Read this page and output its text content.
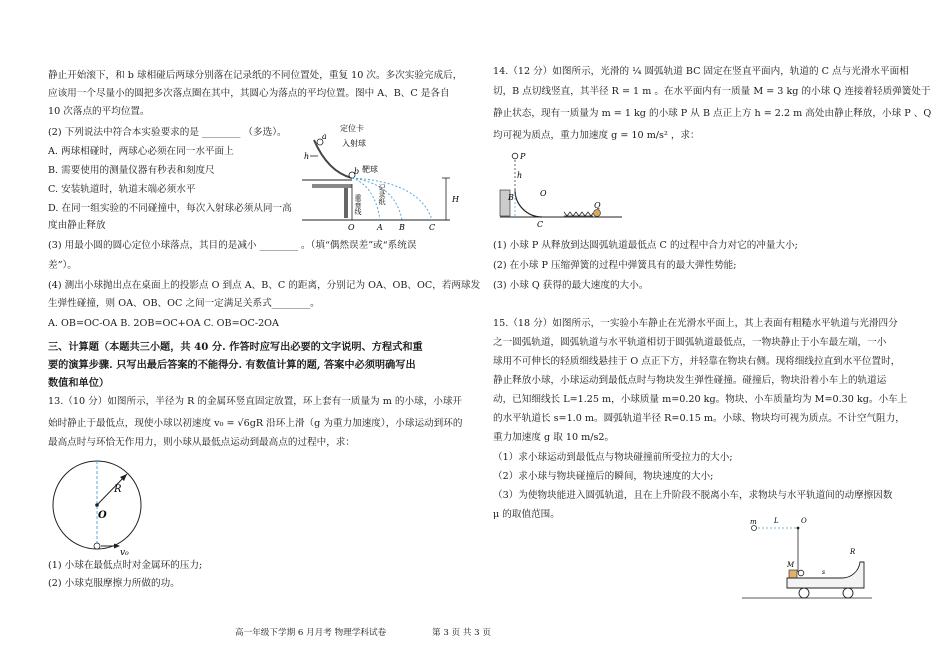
静止开始滚下，和 b 球相碰后两球分别落在记录纸的不同位置处，重复 10 次。多次实验完成后，
应该用一个尽量小的圆把多次落点圈在其中，其圆心为落点的平均位置。图中 A、B、C 是各自
10 次落点的平均位置。
(2) 下列说法中符合本实验要求的是 ________ （多选）。
A. 两球相碰时，两球心必须在同一水平面上
B. 需要使用的测量仪器有秒表和刻度尺
C. 安装轨道时，轨道末端必须水平
D. 在同一组实验的不同碰撞中，每次入射球必须从同一高
度由静止释放
(3) 用最小圆的圆心定位小球落点，其目的是减小 ________ 。（填“偶然误差”或“系统误
差”）。
(4) 测出小球抛出点在桌面上的投影点 O 到点 A、B、C 的距离，分别记为 OA、OB、OC，若两球发
生弹性碰撞，则 OA、OB、OC 之间一定满足关系式________。
A. OB=OC-OA B. 2OB=OC+OA C. OB=OC-2OA
三、计算题（本题共三小题，共 40 分. 作答时应写出必要的文字说明、方程式和重
要的演算步骤. 只写出最后答案的不能得分. 有数值计算的题, 答案中必须明确写出
数值和单位）
13.（10 分）如图所示，半径为 R 的金属环竖直固定放置，环上套有一质量为 m 的小球，小球开
始时静止于最低点，现使小球以初速度 v₀ = √6gR 沿环上滑（g 为重力加速度），小球运动到环的
最高点时与环恰无作用力，则小球从最低点运动到最高点的过程中，求：
(1) 小球在最低点时对金属环的压力;
(2) 小球克服摩擦力所做的功。
定位卡
a
入射球
b 靶球
h
H
重垂线 记录纸
O	A B	C
R
O
v₀
14.（12 分）如图所示，光滑的 ¼ 圆弧轨道 BC 固定在竖直平面内，轨道的 C 点与光滑水平面相
切，B 点切线竖直，其半径 R = 1 m 。在水平面内有一质量 M = 3 kg 的小球 Q 连接着轻质弹簧处于
静止状态，现有一质量为 m = 1 kg 的小球 P 从 B 点正上方 h = 2.2 m 高处由静止释放，小球 P 、Q
均可视为质点，重力加速度 g = 10 m/s² ，求：
(1) 小球 P 从释放到达圆弧轨道最低点 C 的过程中合力对它的冲量大小;
(2) 在小球 P 压缩弹簧的过程中弹簧具有的最大弹性势能;
(3) 小球 Q 获得的最大速度的大小。
15.（18 分）如图所示，一实验小车静止在光滑水平面上，其上表面有粗糙水平轨道与光滑四分
之一圆弧轨道，圆弧轨道与水平轨道相切于圆弧轨道最低点，一物块静止于小车最左端，一小
球用不可伸长的轻质细线悬挂于 O 点正下方，并轻靠在物块右侧。现将细线拉直到水平位置时，
静止释放小球，小球运动到最低点时与物块发生弹性碰撞。碰撞后，物块沿着小车上的轨道运
动，已知细线长 L=1.25 m，小球质量 m=0.20 kg。物块、小车质量均为 M=0.30 kg。小车上
的水平轨道长 s=1.0 m。圆弧轨道半径 R=0.15 m。小球、物块均可视为质点。不计空气阻力，
重力加速度 g 取 10 m/s2。
（1）求小球运动到最低点与物块碰撞前所受拉力的大小;
（2）求小球与物块碰撞后的瞬间，物块速度的大小;
（3）为使物块能进入圆弧轨道，且在上升阶段不脱离小车，求物块与水平轨道间的动摩擦因数
μ 的取值范围。
P
h
B	O
C
Q
m L	O
M
s
R
高一年级下学期 6 月月考 物理学科试卷	第 3 页 共 3 页
